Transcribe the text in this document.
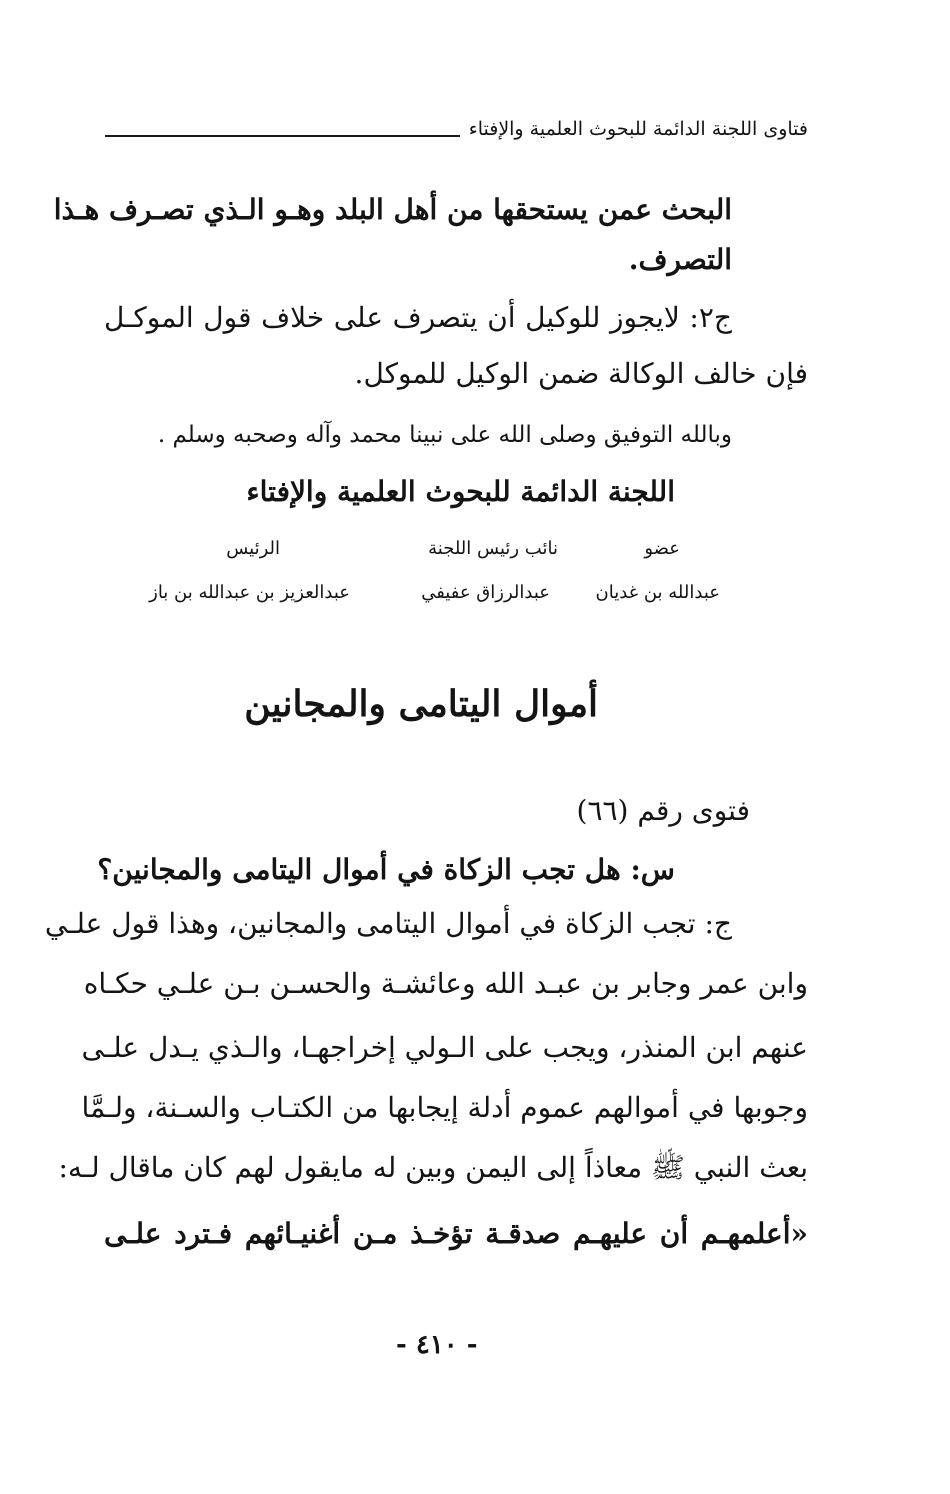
فتاوى اللجنة الدائمة للبحوث العلمية والإفتاء
البحث عمن يستحقها من أهل البلد وهـو الـذي تصـرف هـذا
التصرف.
ج٢: لايجوز للوكيل أن يتصرف على خلاف قول الموكـل
فإن خالف الوكالة ضمن الوكيل للموكل.
وبالله التوفيق وصلى الله على نبينا محمد وآله وصحبه وسلم .
اللجنة الدائمة للبحوث العلمية والإفتاء
عضو
نائب رئيس اللجنة
الرئيس
عبدالله بن غديان
عبدالرزاق عفيفي
عبدالعزيز بن عبدالله بن باز
أموال اليتامى والمجانين
فتوى رقم (٦٦)
س: هل تجب الزكاة في أموال اليتامى والمجانين؟
ج: تجب الزكاة في أموال اليتامى والمجانين، وهذا قول علـي
وابن عمر وجابر بن عبـد الله وعائشـة والحسـن بـن علـي حكـاه
عنهم ابن المنذر، ويجب على الـولي إخراجهـا، والـذي يـدل علـى
وجوبها في أموالهم عموم أدلة إيجابها من الكتـاب والسـنة، ولـمَّا
بعث النبي ﷺ معاذاً إلى اليمن وبين له مايقول لهم كان ماقال لـه:
«أعلمهـم أن عليهـم صدقـة تؤخـذ مـن أغنيـائهم فـترد علـى
- ٤١٠ -
